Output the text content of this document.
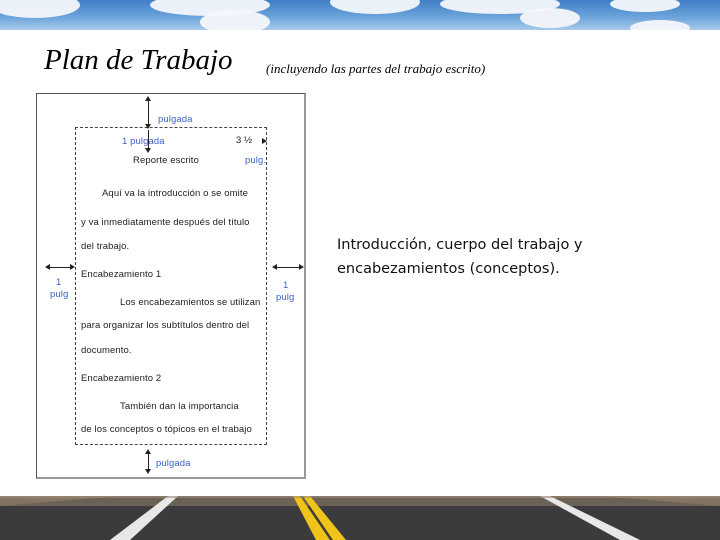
Plan de Trabajo	(incluyendo las partes del trabajo escrito)
pulgada
1 pulgada	3 ½
pulg.
Reporte escrito
Aquí va la introducción o se omite
y va inmediatamente después del título
del trabajo.
Encabezamiento 1
Los encabezamientos se utilizan
para organizar los subtítulos dentro del
documento.
Encabezamiento 2
También dan la importancia
de los conceptos o tópicos en el trabajo
1
pulg
1
pulg
pulgada
Introducción, cuerpo del trabajo y encabezamientos (conceptos).
